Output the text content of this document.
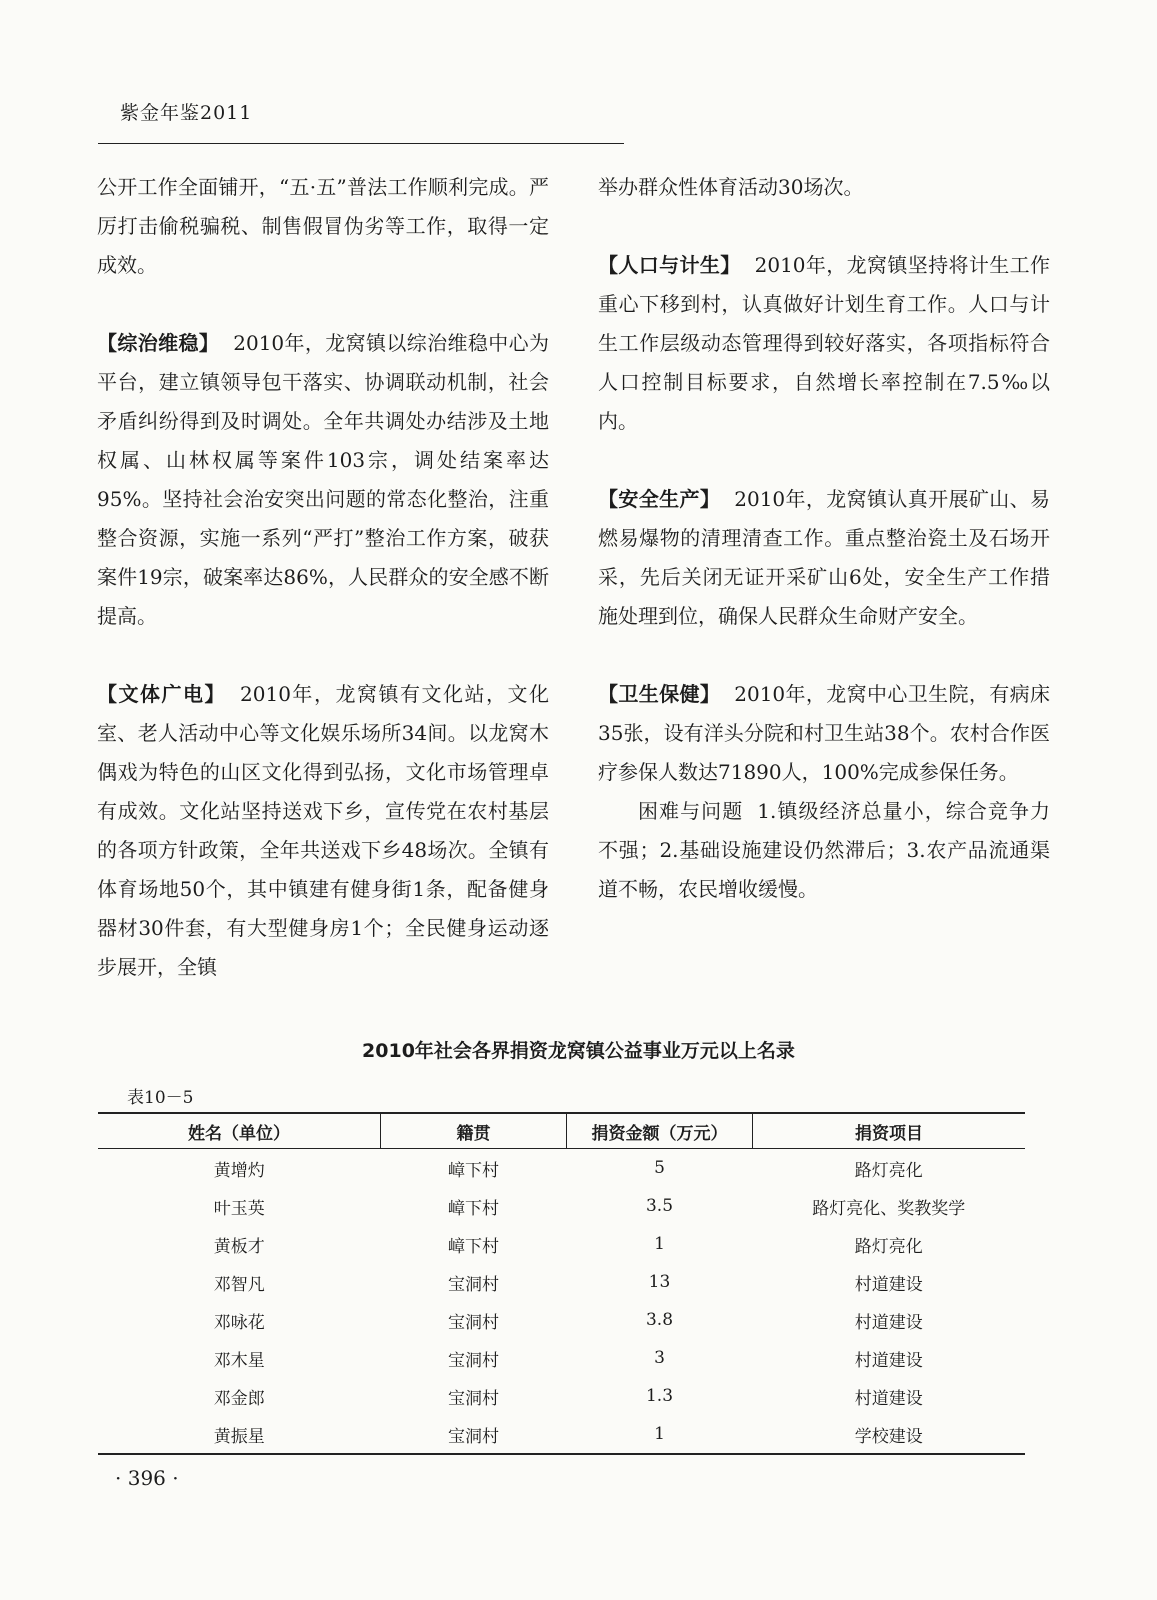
紫金年鉴2011

公开工作全面铺开，“五·五”普法工作顺利完成。严厉打击偷税骗税、制售假冒伪劣等工作，取得一定成效。

【综治维稳】 2010年，龙窝镇以综治维稳中心为平台，建立镇领导包干落实、协调联动机制，社会矛盾纠纷得到及时调处。全年共调处办结涉及土地权属、山林权属等案件103宗，调处结案率达95%。坚持社会治安突出问题的常态化整治，注重整合资源，实施一系列“严打”整治工作方案，破获案件19宗，破案率达86%，人民群众的安全感不断提高。

【文体广电】 2010年，龙窝镇有文化站，文化室、老人活动中心等文化娱乐场所34间。以龙窝木偶戏为特色的山区文化得到弘扬，文化市场管理卓有成效。文化站坚持送戏下乡，宣传党在农村基层的各项方针政策，全年共送戏下乡48场次。全镇有体育场地50个，其中镇建有健身街1条，配备健身器材30件套，有大型健身房1个；全民健身运动逐步展开，全镇

举办群众性体育活动30场次。

【人口与计生】 2010年，龙窝镇坚持将计生工作重心下移到村，认真做好计划生育工作。人口与计生工作层级动态管理得到较好落实，各项指标符合人口控制目标要求，自然增长率控制在7.5‰以内。

【安全生产】 2010年，龙窝镇认真开展矿山、易燃易爆物的清理清查工作。重点整治瓷土及石场开采，先后关闭无证开采矿山6处，安全生产工作措施处理到位，确保人民群众生命财产安全。

【卫生保健】 2010年，龙窝中心卫生院，有病床35张，设有洋头分院和村卫生站38个。农村合作医疗参保人数达71890人，100%完成参保任务。

困难与问题 1.镇级经济总量小，综合竞争力不强；2.基础设施建设仍然滞后；3.农产品流通渠道不畅，农民增收缓慢。

2010年社会各界捐资龙窝镇公益事业万元以上名录
表10－5
姓名（单位）	籍贯	捐资金额（万元）	捐资项目
黄增灼	嶂下村	5	路灯亮化
叶玉英	嶂下村	3.5	路灯亮化、奖教奖学
黄板才	嶂下村	1	路灯亮化
邓智凡	宝洞村	13	村道建设
邓咏花	宝洞村	3.8	村道建设
邓木星	宝洞村	3	村道建设
邓金郎	宝洞村	1.3	村道建设
黄振星	宝洞村	1	学校建设
· 396 ·
